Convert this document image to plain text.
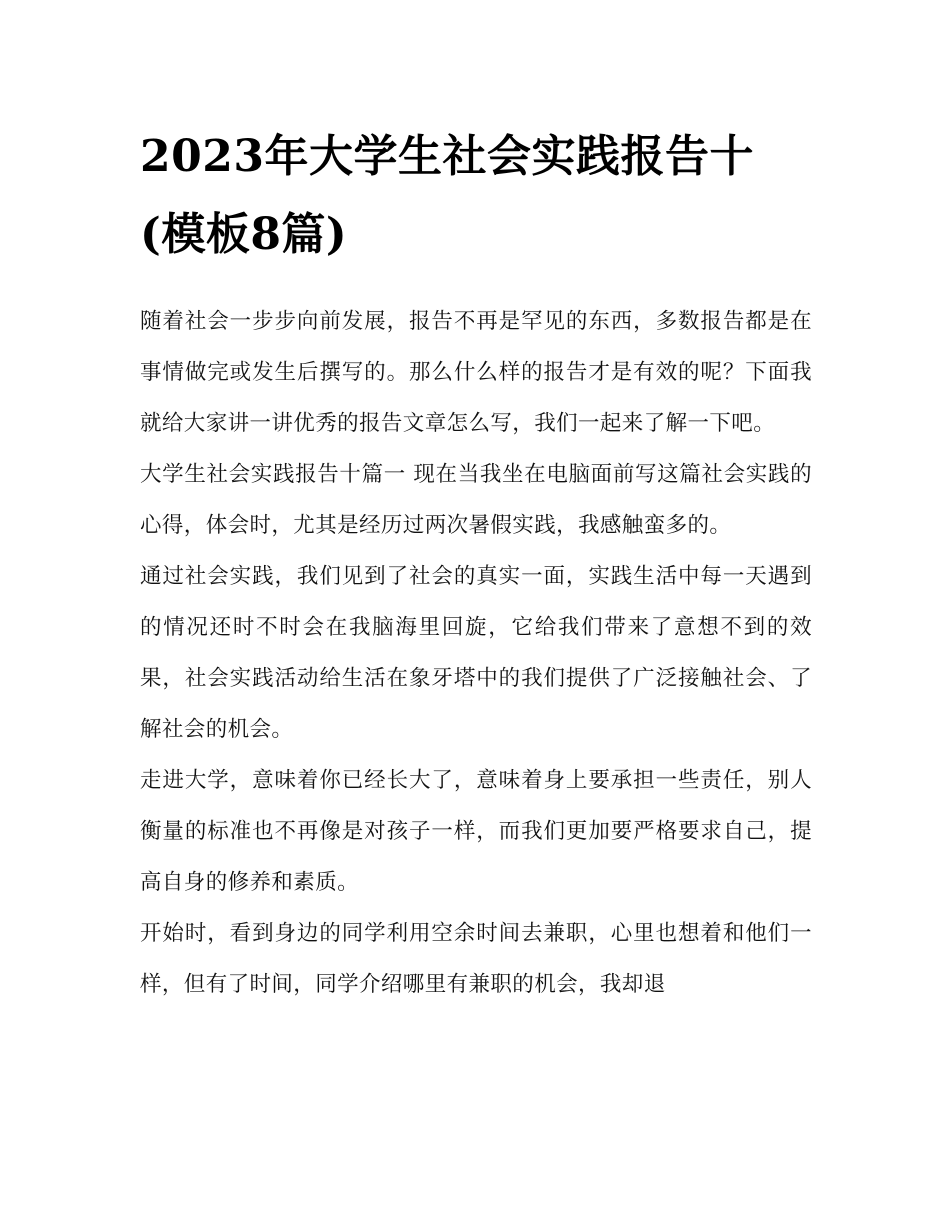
2023年大学生社会实践报告十(模板8篇)

随着社会一步步向前发展，报告不再是罕见的东西，多数报告都是在事情做完或发生后撰写的。那么什么样的报告才是有效的呢？下面我就给大家讲一讲优秀的报告文章怎么写，我们一起来了解一下吧。

大学生社会实践报告十篇一 现在当我坐在电脑面前写这篇社会实践的心得，体会时，尤其是经历过两次暑假实践，我感触蛮多的。

通过社会实践，我们见到了社会的真实一面，实践生活中每一天遇到的情况还时不时会在我脑海里回旋，它给我们带来了意想不到的效果，社会实践活动给生活在象牙塔中的我们提供了广泛接触社会、了解社会的机会。

走进大学，意味着你已经长大了，意味着身上要承担一些责任，别人衡量的标准也不再像是对孩子一样，而我们更加要严格要求自己，提高自身的修养和素质。

开始时，看到身边的同学利用空余时间去兼职，心里也想着和他们一样，但有了时间，同学介绍哪里有兼职的机会，我却退
